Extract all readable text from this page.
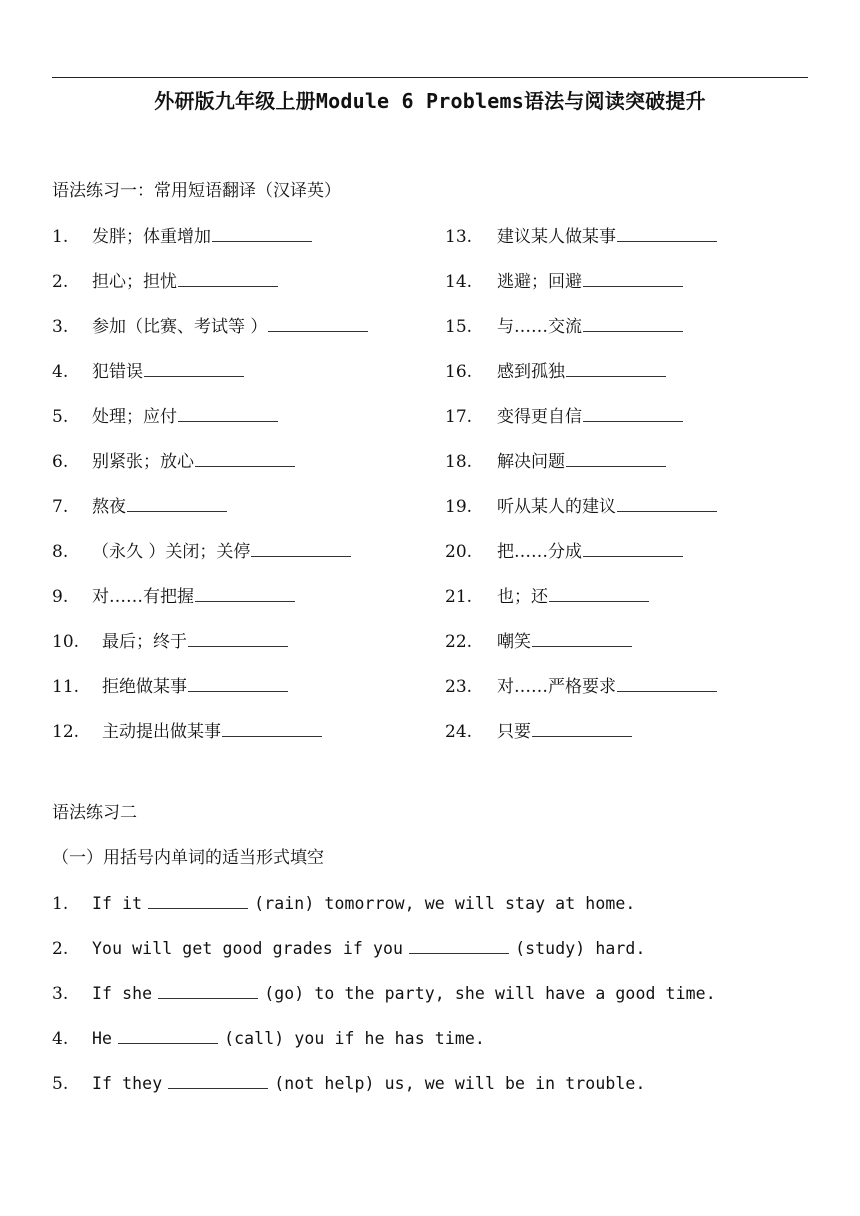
外研版九年级上册Module 6 Problems语法与阅读突破提升
语法练习一：常用短语翻译（汉译英）
1. 发胖；体重增加
2. 担心；担忧
3. 参加（比赛、考试等 ）
4. 犯错误
5. 处理；应付
6. 别紧张；放心
7. 熬夜
8. （永久 ）关闭；关停
9. 对……有把握
10. 最后；终于
11. 拒绝做某事
12. 主动提出做某事
13. 建议某人做某事
14. 逃避；回避
15. 与……交流
16. 感到孤独
17. 变得更自信
18. 解决问题
19. 听从某人的建议
20. 把……分成
21. 也；还
22. 嘲笑
23. 对……严格要求
24. 只要
语法练习二
（一）用括号内单词的适当形式填空
1. If it	(rain) tomorrow, we will stay at home.
2. You will get good grades if you	(study) hard.
3. If she	(go) to the party, she will have a good time.
4. He	(call) you if he has time.
5. If they	(not help) us, we will be in trouble.
